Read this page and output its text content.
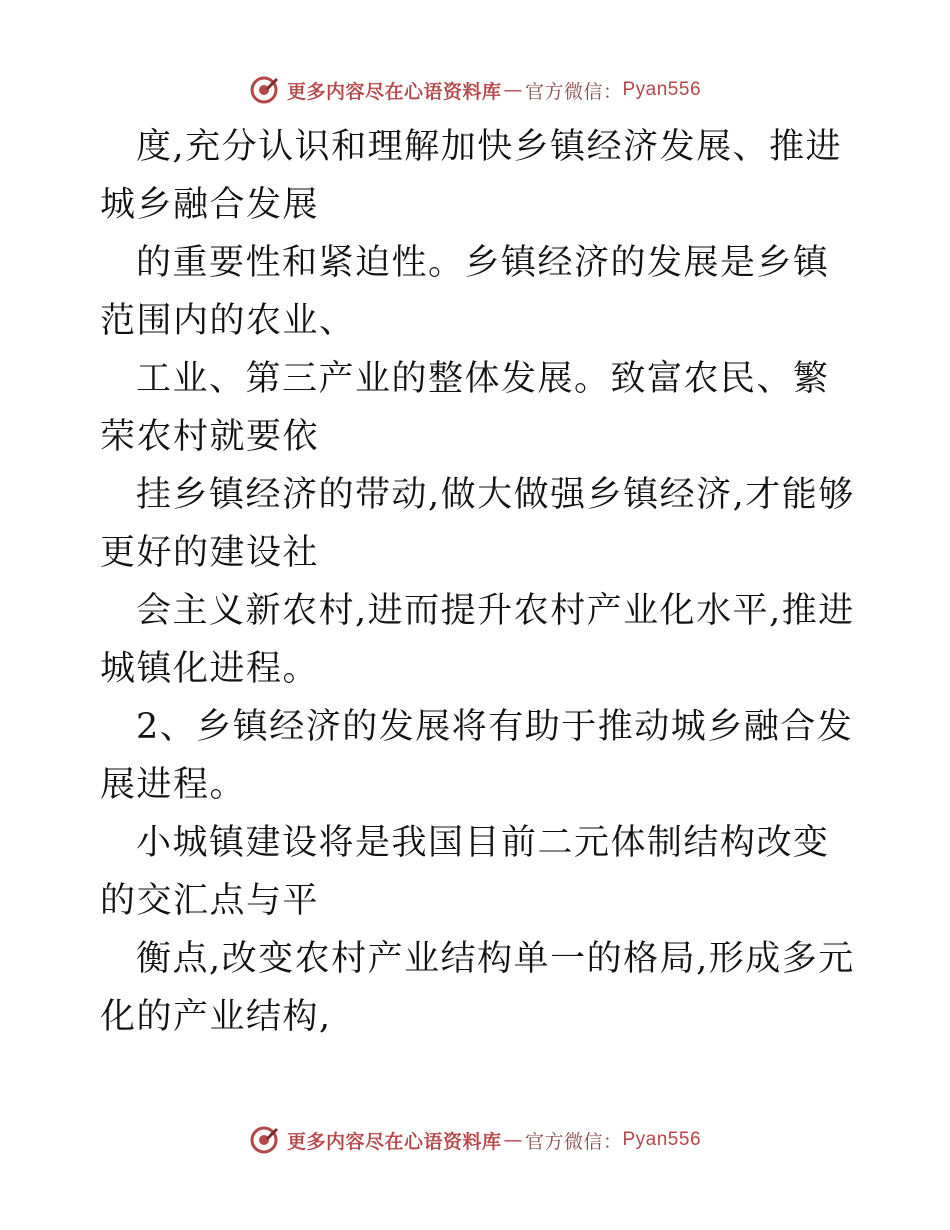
更多内容尽在心语资料库 — 官方微信： Pyan556

度,充分认识和理解加快乡镇经济发展、推进城乡融合发展

的重要性和紧迫性。乡镇经济的发展是乡镇范围内的农业、

工业、第三产业的整体发展。致富农民、繁荣农村就要依

挂乡镇经济的带动,做大做强乡镇经济,才能够更好的建设社

会主义新农村,进而提升农村产业化水平,推进城镇化进程。

2、乡镇经济的发展将有助于推动城乡融合发展进程。

小城镇建设将是我国目前二元体制结构改变的交汇点与平

衡点,改变农村产业结构单一的格局,形成多元化的产业结构,

更多内容尽在心语资料库 — 官方微信： Pyan556
